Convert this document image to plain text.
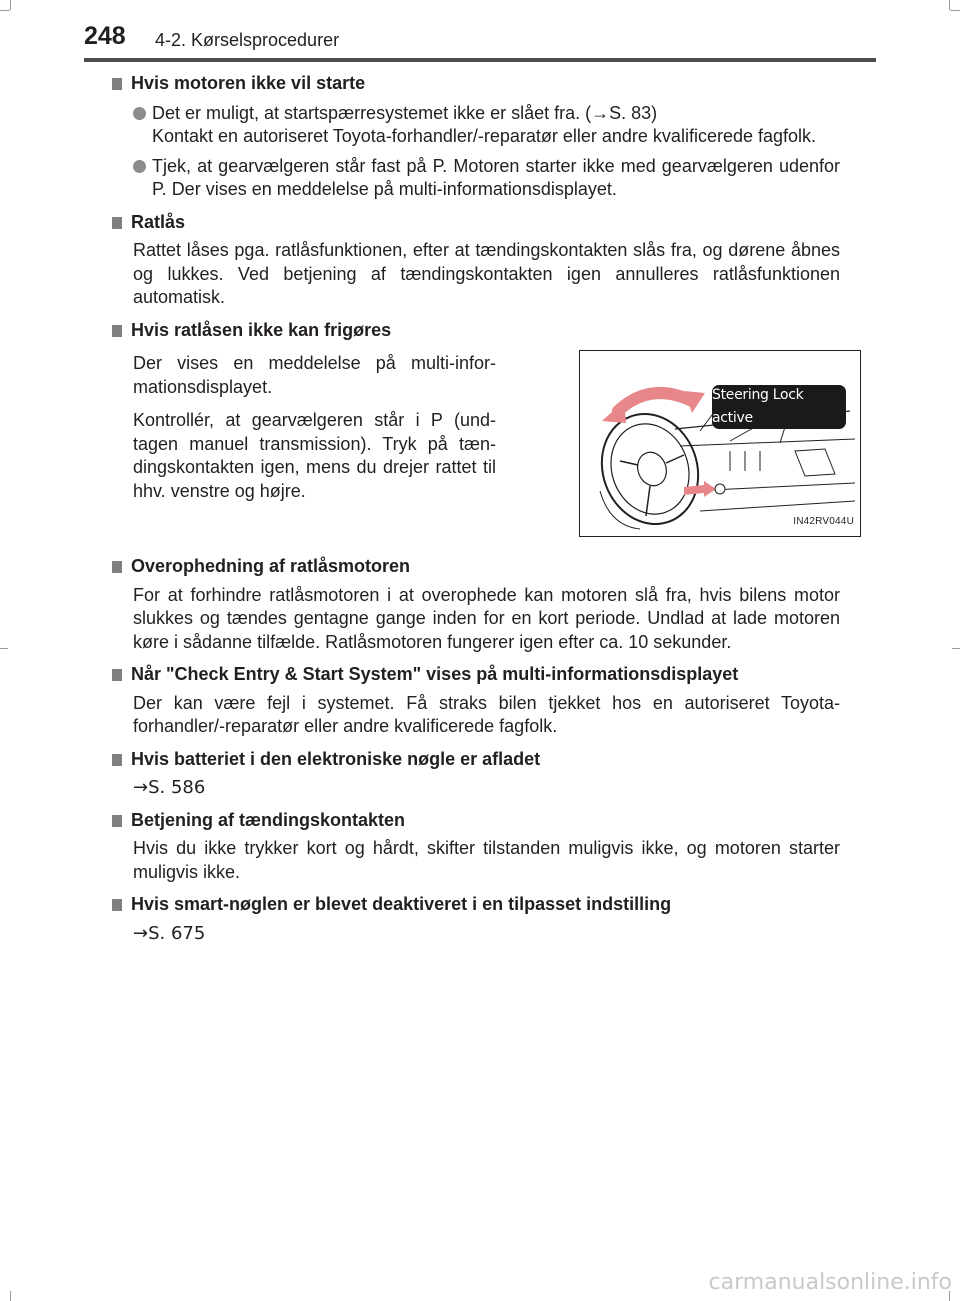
248 4-2. Kørselsprocedurer

Hvis motoren ikke vil starte

Det er muligt, at startspærresystemet ikke er slået fra. (→S. 83)
Kontakt en autoriseret Toyota-forhandler/-reparatør eller andre kvalificerede fagfolk.
Tjek, at gearvælgeren står fast på P. Motoren starter ikke med gearvælgeren udenfor P. Der vises en meddelelse på multi-informationsdisplayet.

Ratlås

Rattet låses pga. ratlåsfunktionen, efter at tændingskontakten slås fra, og dørene åbnes og lukkes. Ved betjening af tændingskontakten igen annulleres ratlåsfunktionen automatisk.

Hvis ratlåsen ikke kan frigøres

Der vises en meddelelse på multi-informationsdisplayet.

Kontrollér, at gearvælgeren står i P (undtagen manuel transmission). Tryk på tændingskontakten igen, mens du drejer rattet til hhv. venstre og højre.

Steering Lock active
IN42RV044U

Overophedning af ratlåsmotoren

For at forhindre ratlåsmotoren i at overophede kan motoren slå fra, hvis bilens motor slukkes og tændes gentagne gange inden for en kort periode. Undlad at lade motoren køre i sådanne tilfælde. Ratlåsmotoren fungerer igen efter ca. 10 sekunder.

Når "Check Entry & Start System" vises på multi-informationsdisplayet

Der kan være fejl i systemet. Få straks bilen tjekket hos en autoriseret Toyota-forhandler/-reparatør eller andre kvalificerede fagfolk.

Hvis batteriet i den elektroniske nøgle er afladet

→S. 586

Betjening af tændingskontakten

Hvis du ikke trykker kort og hårdt, skifter tilstanden muligvis ikke, og motoren starter muligvis ikke.

Hvis smart-nøglen er blevet deaktiveret i en tilpasset indstilling

→S. 675

carmanualsonline.info
